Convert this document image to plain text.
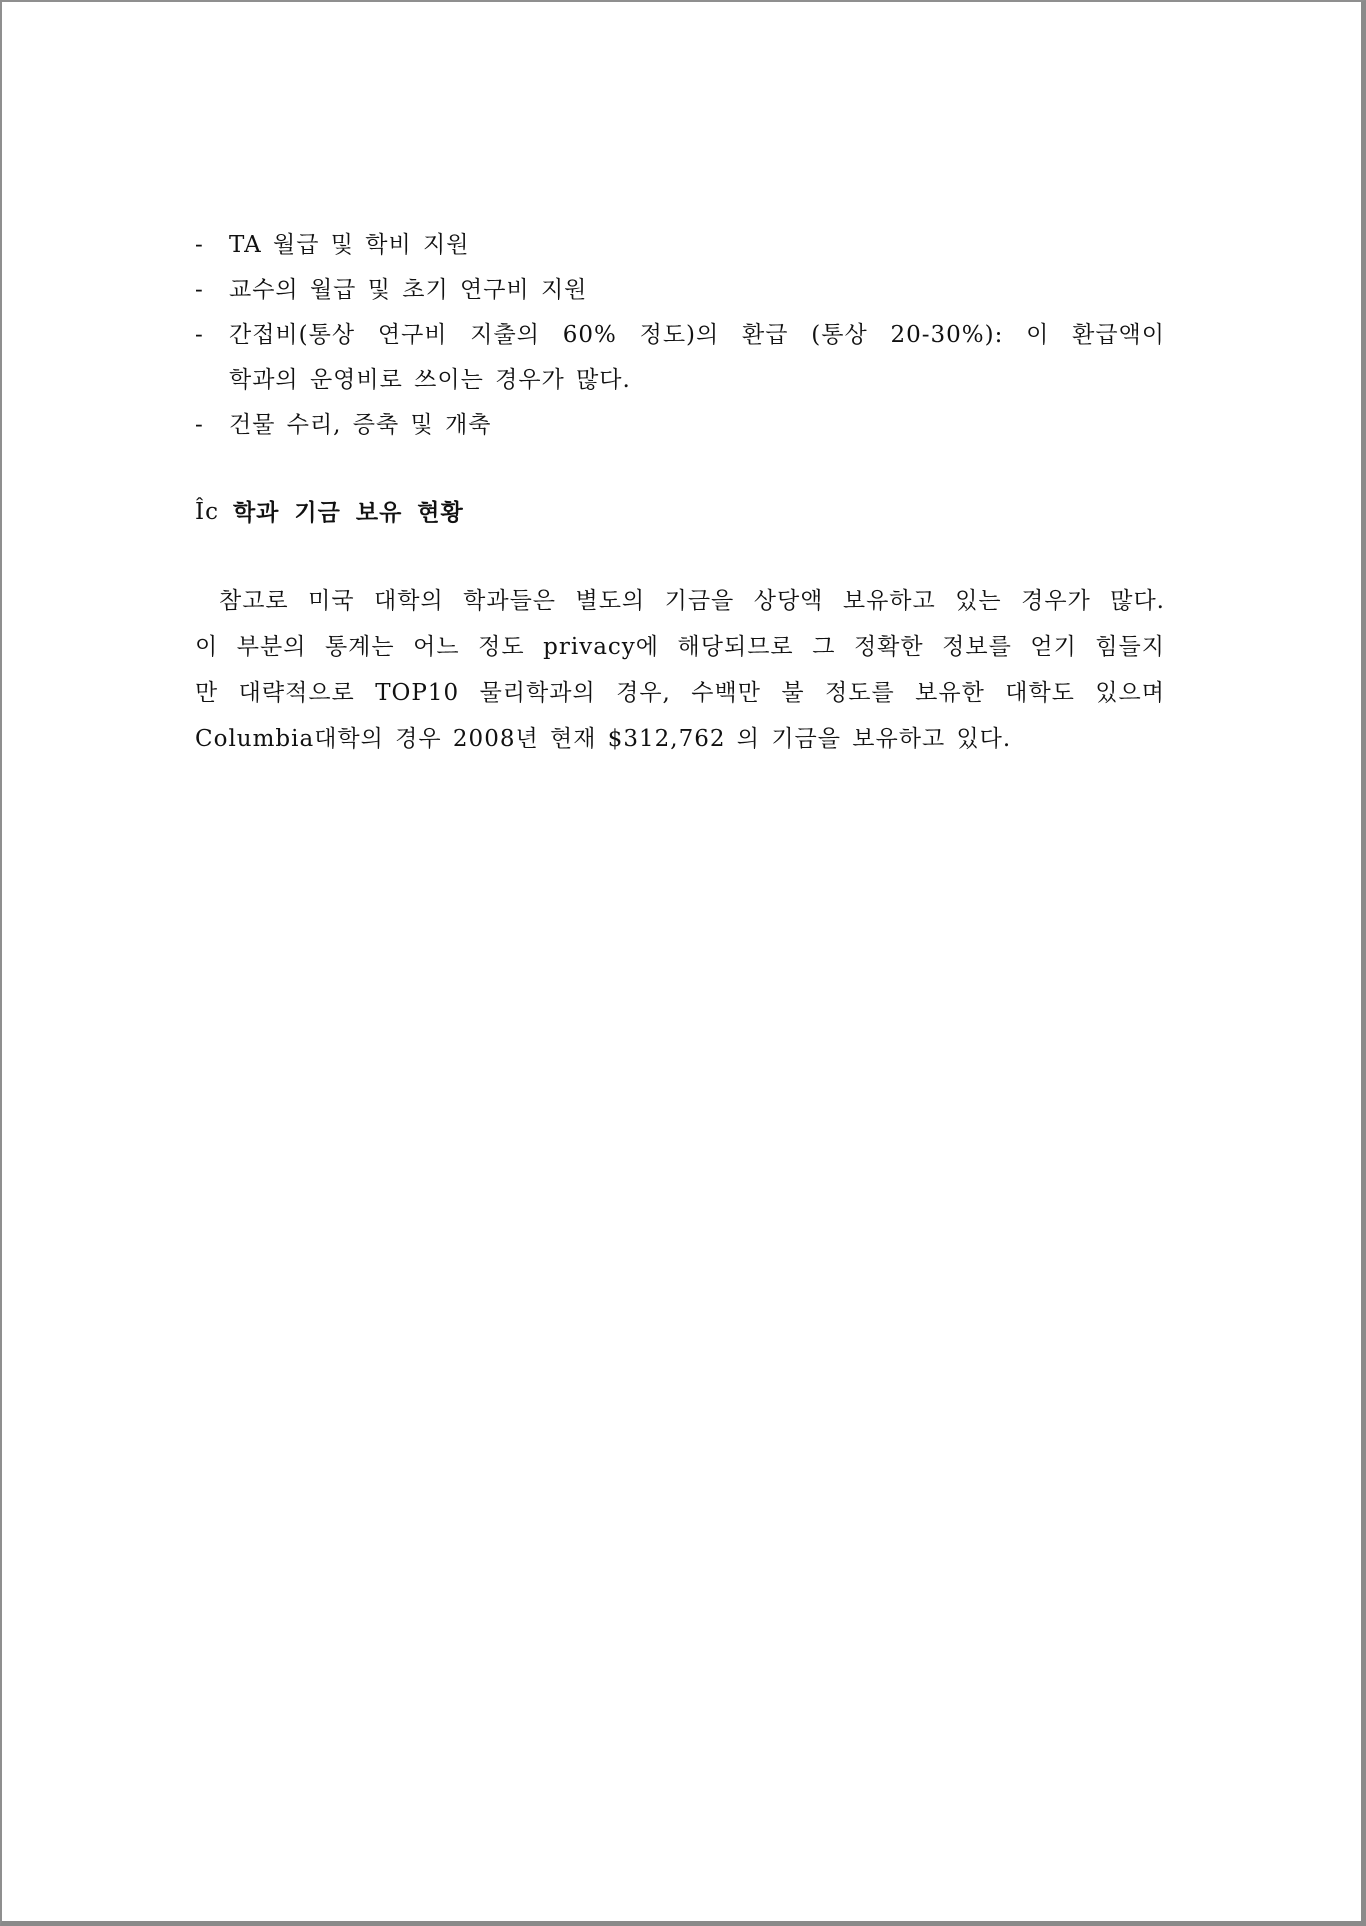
-	TA 월급 및 학비 지원
-	교수의 월급 및 초기 연구비 지원
-	간접비(통상 연구비 지출의 60% 정도)의 환급 (통상 20-30%): 이 환급액이
학과의 운영비로 쓰이는 경우가 많다.
-	건물 수리, 증축 및 개축
Îc 학과 기금 보유 현황
참고로 미국 대학의 학과들은 별도의 기금을 상당액 보유하고 있는 경우가 많다.
이 부분의 통계는 어느 정도 privacy에 해당되므로 그 정확한 정보를 얻기 힘들지
만 대략적으로 TOP10 물리학과의 경우, 수백만 불 정도를 보유한 대학도 있으며
Columbia대학의 경우 2008년 현재 $312,762 의 기금을 보유하고 있다.
